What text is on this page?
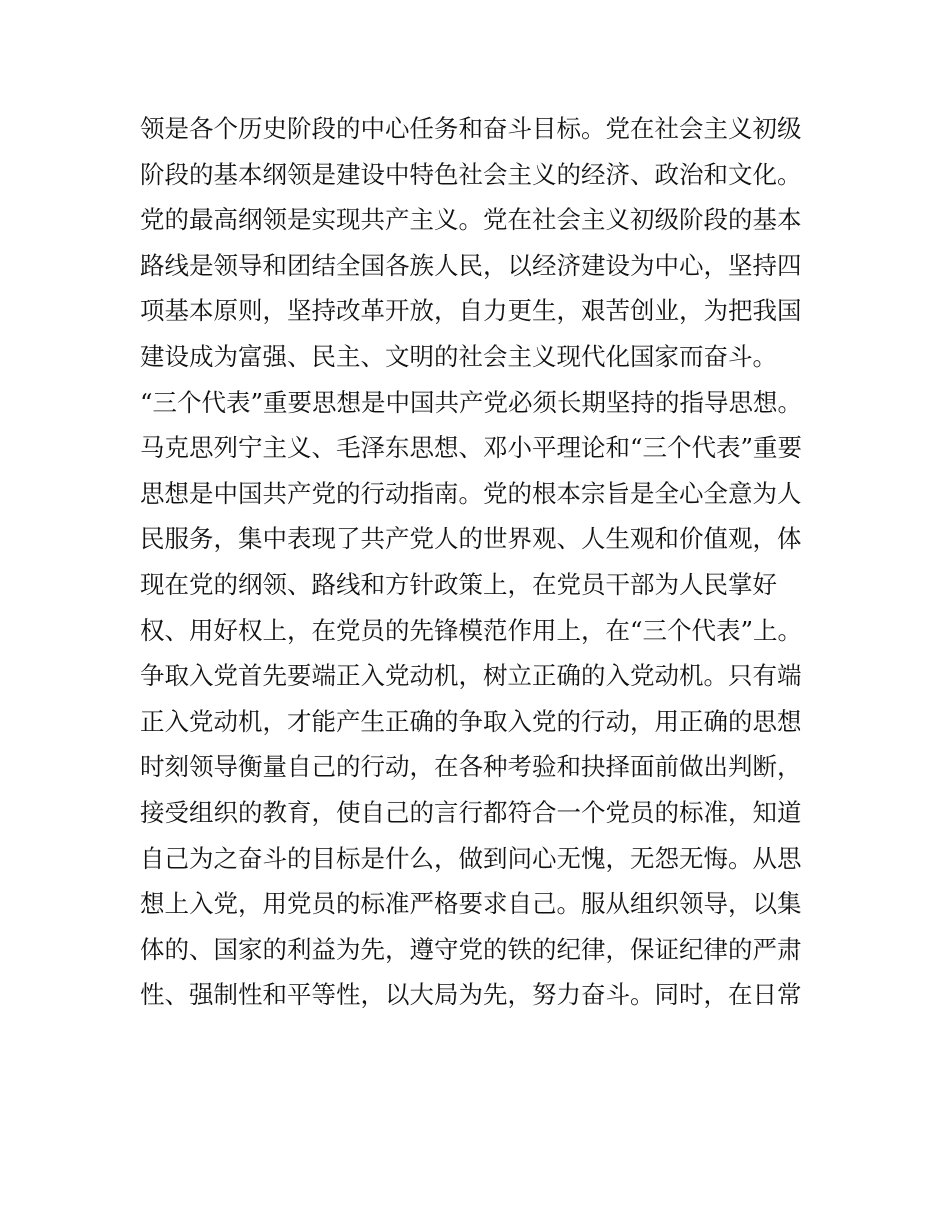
领是各个历史阶段的中心任务和奋斗目标。党在社会主义初级
阶段的基本纲领是建设中特色社会主义的经济、政治和文化。
党的最高纲领是实现共产主义。党在社会主义初级阶段的基本
路线是领导和团结全国各族人民，以经济建设为中心，坚持四
项基本原则，坚持改革开放，自力更生，艰苦创业，为把我国
建设成为富强、民主、文明的社会主义现代化国家而奋斗。
“三个代表”重要思想是中国共产党必须长期坚持的指导思想。
马克思列宁主义、毛泽东思想、邓小平理论和“三个代表”重要
思想是中国共产党的行动指南。党的根本宗旨是全心全意为人
民服务，集中表现了共产党人的世界观、人生观和价值观，体
现在党的纲领、路线和方针政策上，在党员干部为人民掌好
权、用好权上，在党员的先锋模范作用上，在“三个代表”上。
争取入党首先要端正入党动机，树立正确的入党动机。只有端
正入党动机，才能产生正确的争取入党的行动，用正确的思想
时刻领导衡量自己的行动，在各种考验和抉择面前做出判断，
接受组织的教育，使自己的言行都符合一个党员的标准，知道
自己为之奋斗的目标是什么，做到问心无愧，无怨无悔。从思
想上入党，用党员的标准严格要求自己。服从组织领导，以集
体的、国家的利益为先，遵守党的铁的纪律，保证纪律的严肃
性、强制性和平等性，以大局为先，努力奋斗。同时，在日常
